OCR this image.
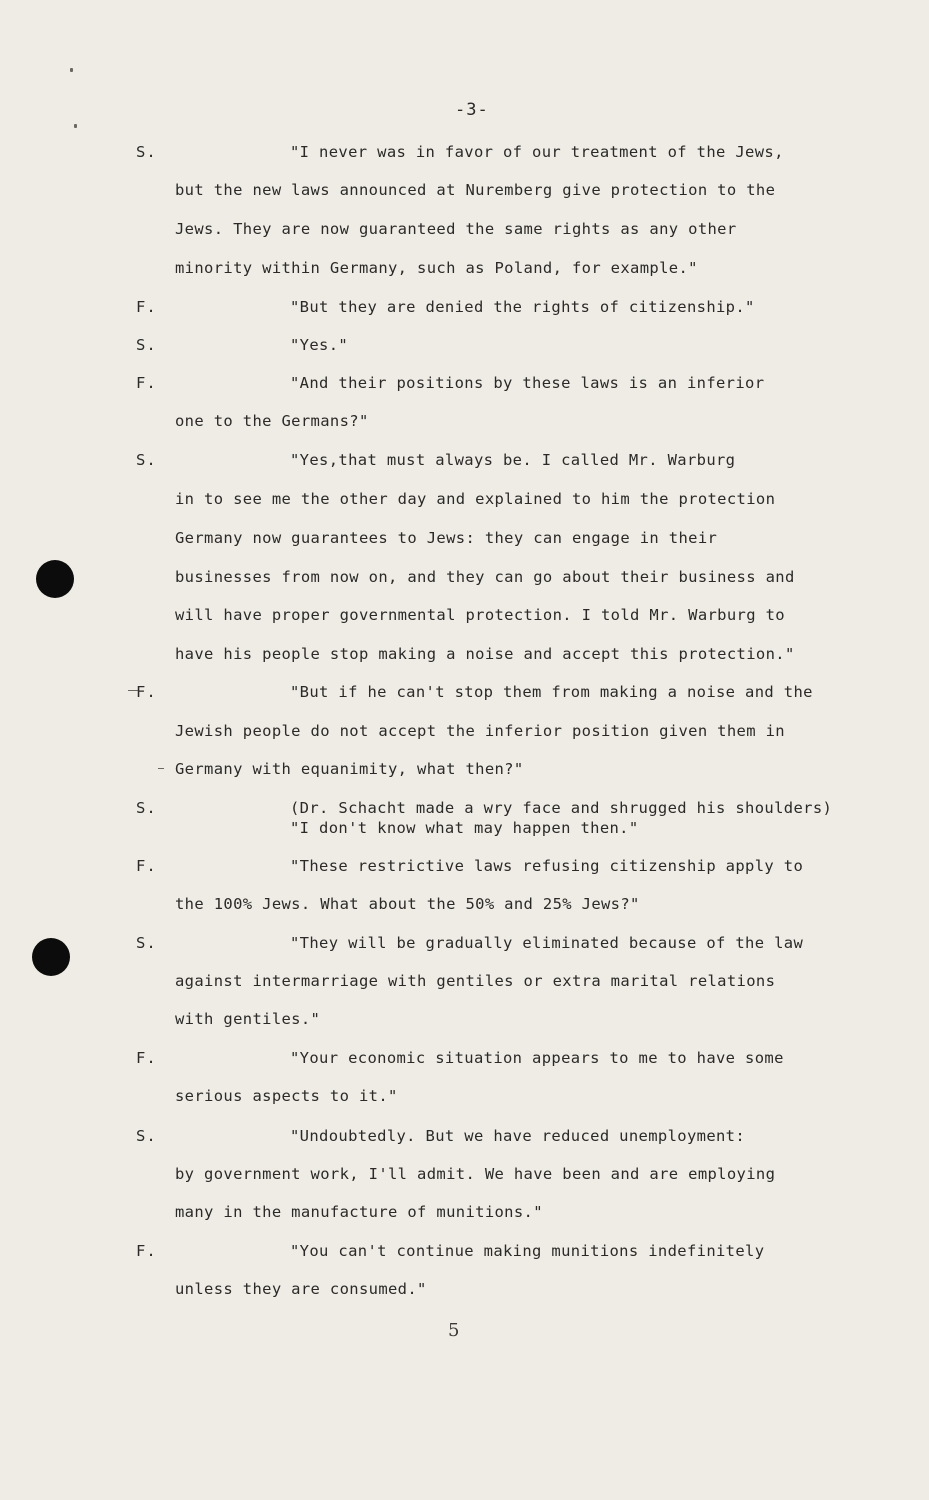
-3-
S.	"I never was in favor of our treatment of the Jews,
but the new laws announced at Nuremberg give protection to the
Jews. They are now guaranteed the same rights as any other
minority within Germany, such as Poland, for example."
F.	"But they are denied the rights of citizenship."
S.	"Yes."
F.	"And their positions by these laws is an inferior
one to the Germans?"
S.	"Yes,that must always be. I called Mr. Warburg
in to see me the other day and explained to him the protection
Germany now guarantees to Jews: they can engage in their
businesses from now on, and they can go about their business and
will have proper governmental protection. I told Mr. Warburg to
have his people stop making a noise and accept this protection."
F.	"But if he can't stop them from making a noise and the
Jewish people do not accept the inferior position given them in
Germany with equanimity, what then?"
S.	(Dr. Schacht made a wry face and shrugged his shoulders)
"I don't know what may happen then."
F.	"These restrictive laws refusing citizenship apply to
the 100% Jews. What about the 50% and 25% Jews?"
S.	"They will be gradually eliminated because of the law
against intermarriage with gentiles or extra marital relations
with gentiles."
F.	"Your economic situation appears to me to have some
serious aspects to it."
S.	"Undoubtedly. But we have reduced unemployment:
by government work, I'll admit. We have been and are employing
many in the manufacture of munitions."
F.	"You can't continue making munitions indefinitely
unless they are consumed."
5
